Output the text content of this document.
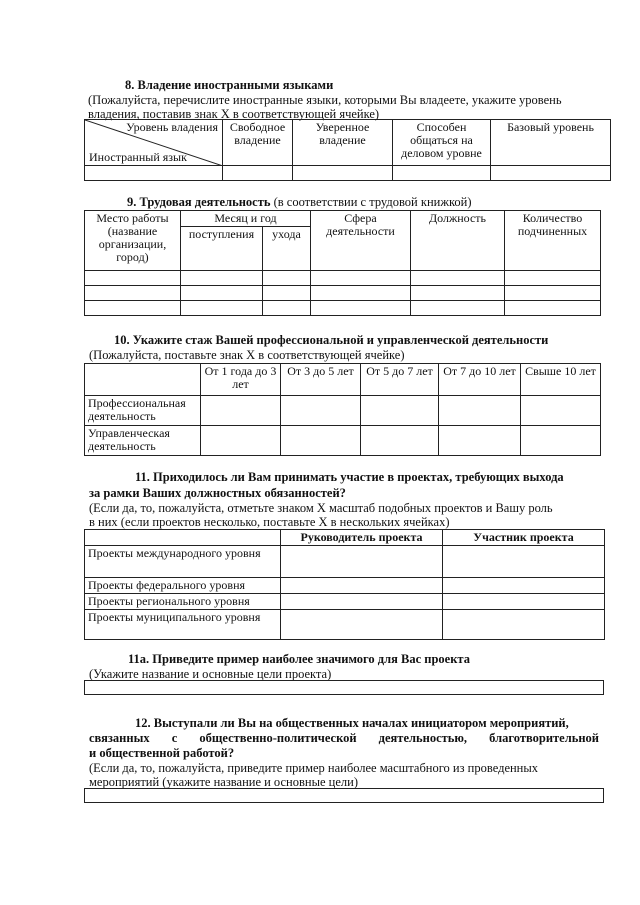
8. Владение иностранными языками
(Пожалуйста, перечислите иностранные языки, которыми Вы владеете, укажите уровень
владения, поставив знак Х в соответствующей ячейке)
Уровень владения
Иностранный язык	Свободное владение	Уверенное владение	Способен общаться на деловом уровне	Базовый уровень

9. Трудовая деятельность (в соответствии с трудовой книжкой)
Место работы (название организации, город)	Месяц и год		Сфера деятельности	Должность	Количество подчиненных
	поступления	ухода			

10. Укажите стаж Вашей профессиональной и управленческой деятельности
(Пожалуйста, поставьте знак Х в соответствующей ячейке)
	От 1 года до 3 лет	От 3 до 5 лет	От 5 до 7 лет	От 7 до 10 лет	Свыше 10 лет
Профессиональная деятельность					
Управленческая деятельность					
11. Приходилось ли Вам принимать участие в проектах, требующих выхода
за рамки Ваших должностных обязанностей?
(Если да, то, пожалуйста, отметьте знаком Х масштаб подобных проектов и Вашу роль
в них (если проектов несколько, поставьте Х в нескольких ячейках)
	Руководитель проекта	Участник проекта
Проекты международного уровня		
Проекты федерального уровня		
Проекты регионального уровня		
Проекты муниципального уровня		
11а. Приведите пример наиболее значимого для Вас проекта
(Укажите название и основные цели проекта)
12. Выступали ли Вы на общественных началах инициатором мероприятий,
связанных с общественно-политической деятельностью, благотворительной
и общественной работой?
(Если да, то, пожалуйста, приведите пример наиболее масштабного из проведенных
мероприятий (укажите название и основные цели)
